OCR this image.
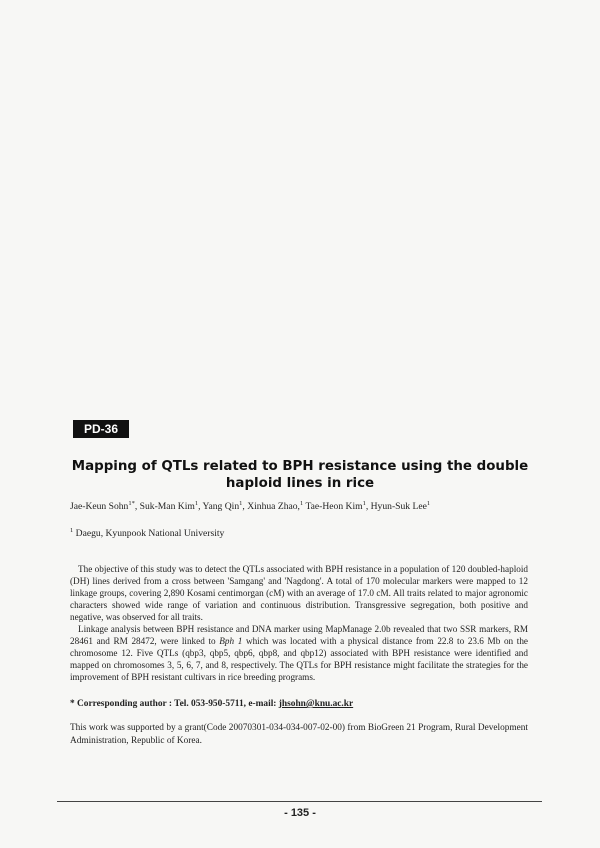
PD-36
Mapping of QTLs related to BPH resistance using the double
haploid lines in rice
Jae-Keun Sohn$^{1*}$, Suk-Man Kim$^1$, Yang Qin$^1$, Xinhua Zhao,$^1$ Tae-Heon Kim$^1$, Hyun-Suk Lee$^1$
$^1$ Daegu, Kyunpook National University

The objective of this study was to detect the QTLs associated with BPH resistance in a population of 120 doubled-haploid (DH) lines derived from a cross between 'Samgang' and 'Nagdong'. A total of 170 molecular markers were mapped to 12 linkage groups, covering 2,890 Kosami centimorgan (cM) with an average of 17.0 cM. All traits related to major agronomic characters showed wide range of variation and continuous distribution. Transgressive segregation, both positive and negative, was observed for all traits.

Linkage analysis between BPH resistance and DNA marker using MapManage 2.0b revealed that two SSR markers, RM 28461 and RM 28472, were linked to Bph 1 which was located with a physical distance from 22.8 to 23.6 Mb on the chromosome 12. Five QTLs (qbp3, qbp5, qbp6, qbp8, and qbp12) associated with BPH resistance were identified and mapped on chromosomes 3, 5, 6, 7, and 8, respectively. The QTLs for BPH resistance might facilitate the strategies for the improvement of BPH resistant cultivars in rice breeding programs.

* Corresponding author : Tel. 053-950-5711, e-mail: jhsohn@knu.ac.kr
This work was supported by a grant(Code 20070301-034-034-007-02-00) from BioGreen 21 Program, Rural Development Administration, Republic of Korea.
- 135 -
